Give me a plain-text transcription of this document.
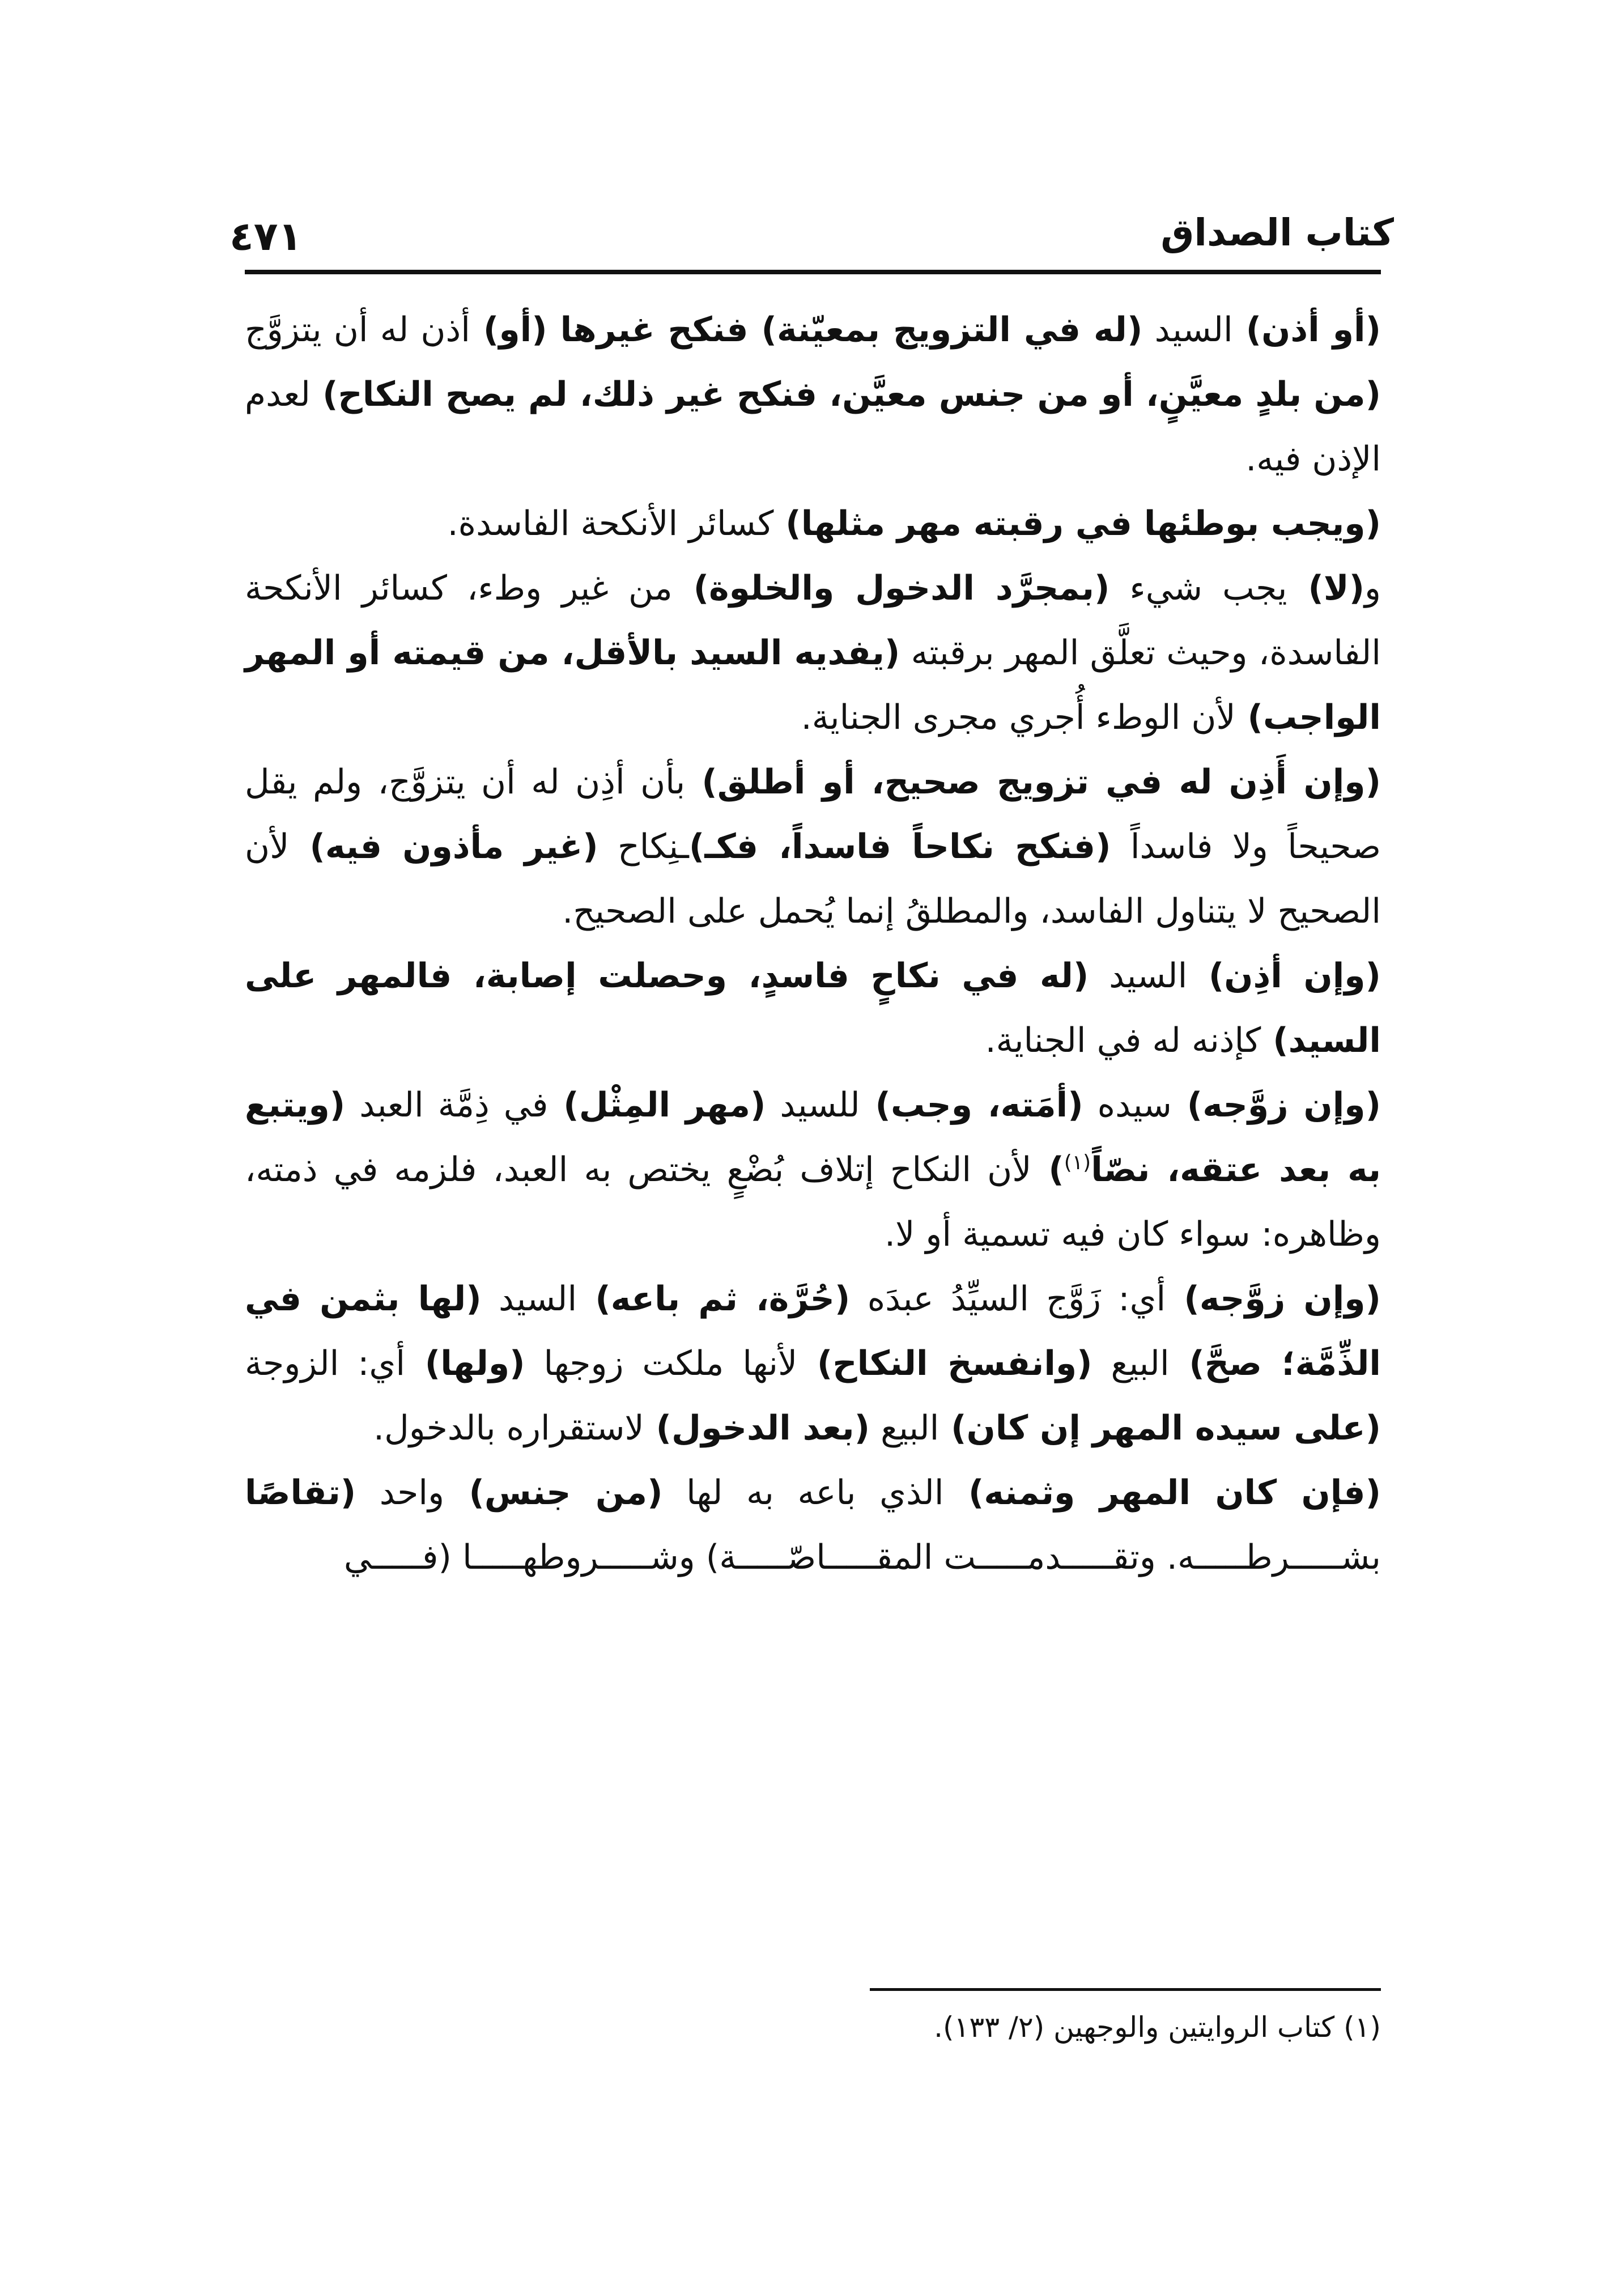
كتاب الصداق
٤٧١

(أو أذن) السيد (له في التزويج بمعيّنة) فنكح غيرها (أو) أذن له أن يتزوَّج (من بلدٍ معيَّنٍ، أو من جنس معيَّن، فنكح غير ذلك، لم يصح النكاح) لعدم الإذن فيه.

(ويجب بوطئها في رقبته مهر مثلها) كسائر الأنكحة الفاسدة.

و(لا) يجب شيء (بمجرَّد الدخول والخلوة) من غير وطء، كسائر الأنكحة الفاسدة، وحيث تعلَّق المهر برقبته (يفديه السيد بالأقل، من قيمته أو المهر الواجب) لأن الوطء أُجري مجرى الجناية.

(وإن أَذِن له في تزويج صحيح، أو أطلق) بأن أذِن له أن يتزوَّج، ولم يقل صحيحاً ولا فاسداً (فنكح نكاحاً فاسداً، فكـ)ـنِكاح (غير مأذون فيه) لأن الصحيح لا يتناول الفاسد، والمطلقُ إنما يُحمل على الصحيح.

(وإن أذِن) السيد (له في نكاحٍ فاسدٍ، وحصلت إصابة، فالمهر على السيد) كإذنه له في الجناية.

(وإن زوَّجه) سيده (أمَته، وجب) للسيد (مهر المِثْل) في ذِمَّة العبد (ويتبع به بعد عتقه، نصّاً$^{(١)}$) لأن النكاح إتلاف بُضْعٍ يختص به العبد، فلزمه في ذمته، وظاهره: سواء كان فيه تسمية أو لا.

(وإن زوَّجه) أي: زَوَّج السيِّدُ عبدَه (حُرَّة، ثم باعه) السيد (لها بثمن في الذِّمَّة؛ صحَّ) البيع (وانفسخ النكاح) لأنها ملكت زوجها (ولها) أي: الزوجة (على سيده المهر إن كان) البيع (بعد الدخول) لاستقراره بالدخول.

(فإن كان المهر وثمنه) الذي باعه به لها (من جنس) واحد (تقاصًا بشـــــرطـــــه. وتقـــــدمـــــت المقـــــاصّـــــة) وشـــــروطهـــــا (فـــــي

(١) كتاب الروايتين والوجهين (٢/ ١٣٣).
